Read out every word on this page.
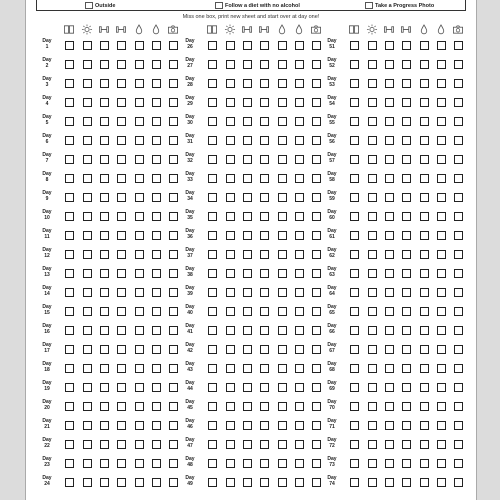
Outside	Follow a diet with no alcohol	Take a Progress Photo
Miss one box, print new sheet and start over at day one!
Day
1
Day
2
Day
3
Day
4
Day
5
Day
6
Day
7
Day
8
Day
9
Day
10
Day
11
Day
12
Day
13
Day
14
Day
15
Day
16
Day
17
Day
18
Day
19
Day
20
Day
21
Day
22
Day
23
Day
24
Day
26
Day
27
Day
28
Day
29
Day
30
Day
31
Day
32
Day
33
Day
34
Day
35
Day
36
Day
37
Day
38
Day
39
Day
40
Day
41
Day
42
Day
43
Day
44
Day
45
Day
46
Day
47
Day
48
Day
49
Day
51
Day
52
Day
53
Day
54
Day
55
Day
56
Day
57
Day
58
Day
59
Day
60
Day
61
Day
62
Day
63
Day
64
Day
65
Day
66
Day
67
Day
68
Day
69
Day
70
Day
71
Day
72
Day
73
Day
74
